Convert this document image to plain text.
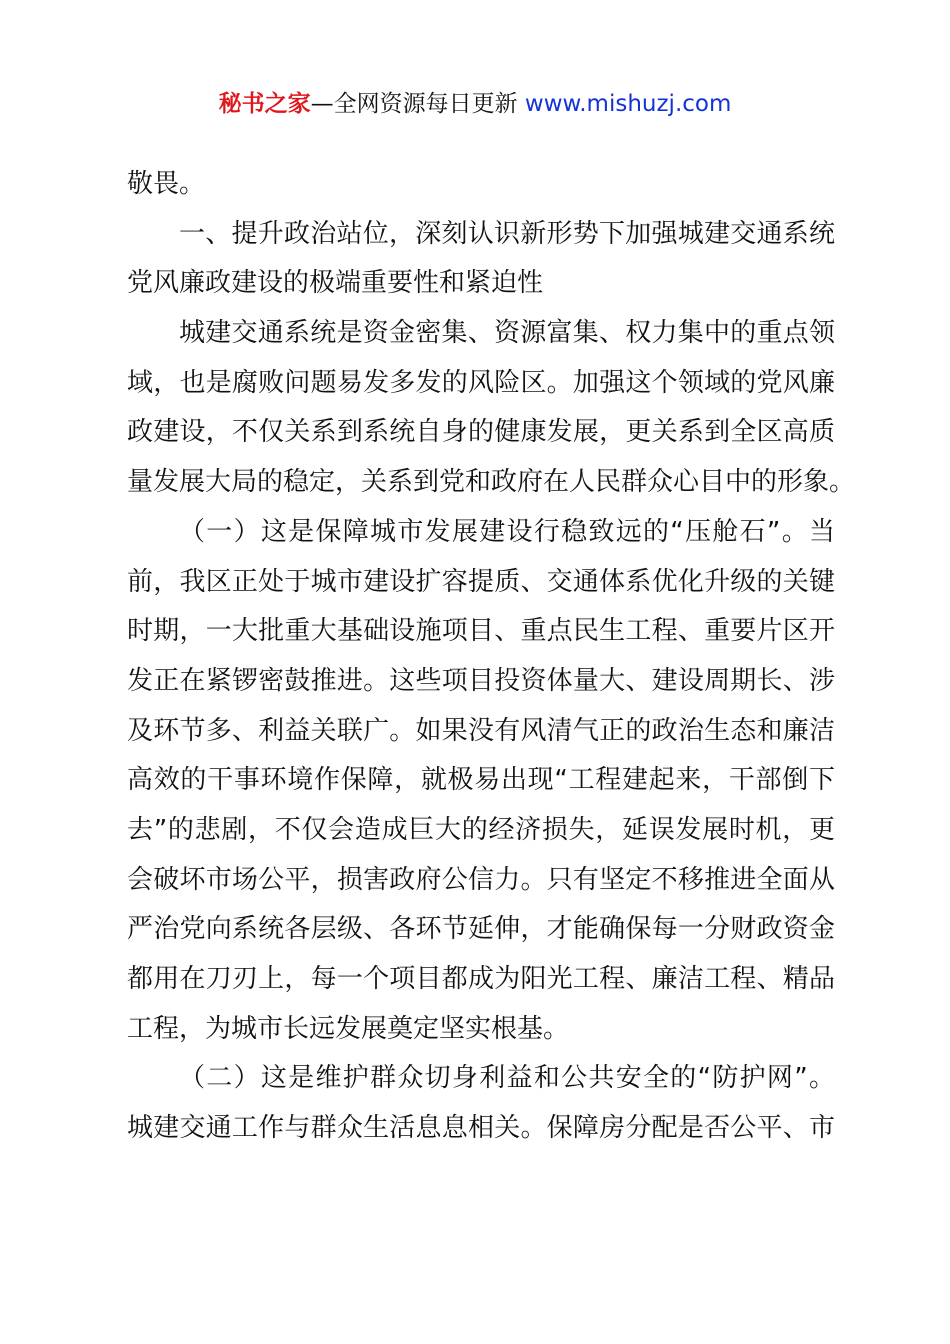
秘书之家—全网资源每日更新 www.mishuzj.com
敬畏。
一、提升政治站位，深刻认识新形势下加强城建交通系统
党风廉政建设的极端重要性和紧迫性
城建交通系统是资金密集、资源富集、权力集中的重点领
域，也是腐败问题易发多发的风险区。加强这个领域的党风廉
政建设，不仅关系到系统自身的健康发展，更关系到全区高质
量发展大局的稳定，关系到党和政府在人民群众心目中的形象。
（一）这是保障城市发展建设行稳致远的“压舱石”。当
前，我区正处于城市建设扩容提质、交通体系优化升级的关键
时期，一大批重大基础设施项目、重点民生工程、重要片区开
发正在紧锣密鼓推进。这些项目投资体量大、建设周期长、涉
及环节多、利益关联广。如果没有风清气正的政治生态和廉洁
高效的干事环境作保障，就极易出现“工程建起来，干部倒下
去”的悲剧，不仅会造成巨大的经济损失，延误发展时机，更
会破坏市场公平，损害政府公信力。只有坚定不移推进全面从
严治党向系统各层级、各环节延伸，才能确保每一分财政资金
都用在刀刃上，每一个项目都成为阳光工程、廉洁工程、精品
工程，为城市长远发展奠定坚实根基。
（二）这是维护群众切身利益和公共安全的“防护网”。
城建交通工作与群众生活息息相关。保障房分配是否公平、市
